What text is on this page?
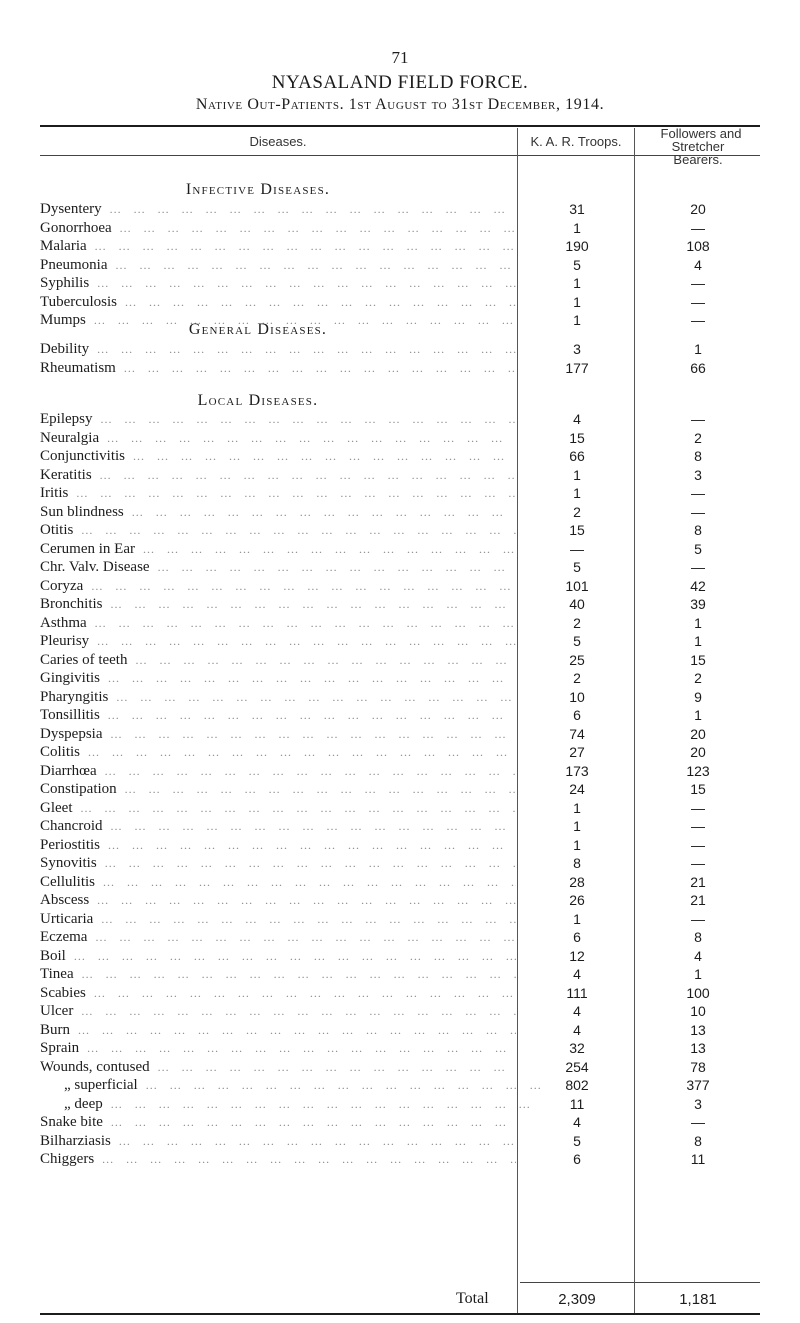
71
NYASALAND FIELD FORCE.
Native Out-Patients. 1st August to 31st December, 1914.
Diseases.	K. A. R. Troops.
Followers and
Stretcher
Bearers.
Infective Diseases.
Dysentery ...	31	20
Gonorrhoea ...	1	—
Malaria ...	190	108
Pneumonia ...	5	4
Syphilis ...	1	—
Tuberculosis ...	1	—
Mumps ...	1	—
General Diseases.
Debility ...	3	1
Rheumatism ...	177	66
Local Diseases.
Epilepsy ...	4	—
Neuralgia ...	15	2
Conjunctivitis ...	66	8
Keratitis ...	1	3
Iritis ...	1	—
Sun blindness ...	2	—
Otitis ...	15	8
Cerumen in Ear ...	—	5
Chr. Valv. Disease ...	5	—
Coryza ...	101	42
Bronchitis ...	40	39
Asthma ...	2	1
Pleurisy ...	5	1
Caries of teeth ...	25	15
Gingivitis ...	2	2
Pharyngitis ...	10	9
Tonsillitis ...	6	1
Dyspepsia ...	74	20
Colitis ...	27	20
Diarrhœa ...	173	123
Constipation ...	24	15
Gleet ...	1	—
Chancroid ...	1	—
Periostitis ...	1	—
Synovitis ...	8	—
Cellulitis ...	28	21
Abscess ...	26	21
Urticaria ...	1	—
Eczema ...	6	8
Boil ...	12	4
Tinea ...	4	1
Scabies ...	111	100
Ulcer ...	4	10
Burn ...	4	13
Sprain ...	32	13
Wounds, contused ...	254	78
„ superficial ...	802	377
„ deep ...	11	3
Snake bite ...	4	—
Bilharziasis ...	5	8
Chiggers ...	6	11
Total	2,309	1,181
